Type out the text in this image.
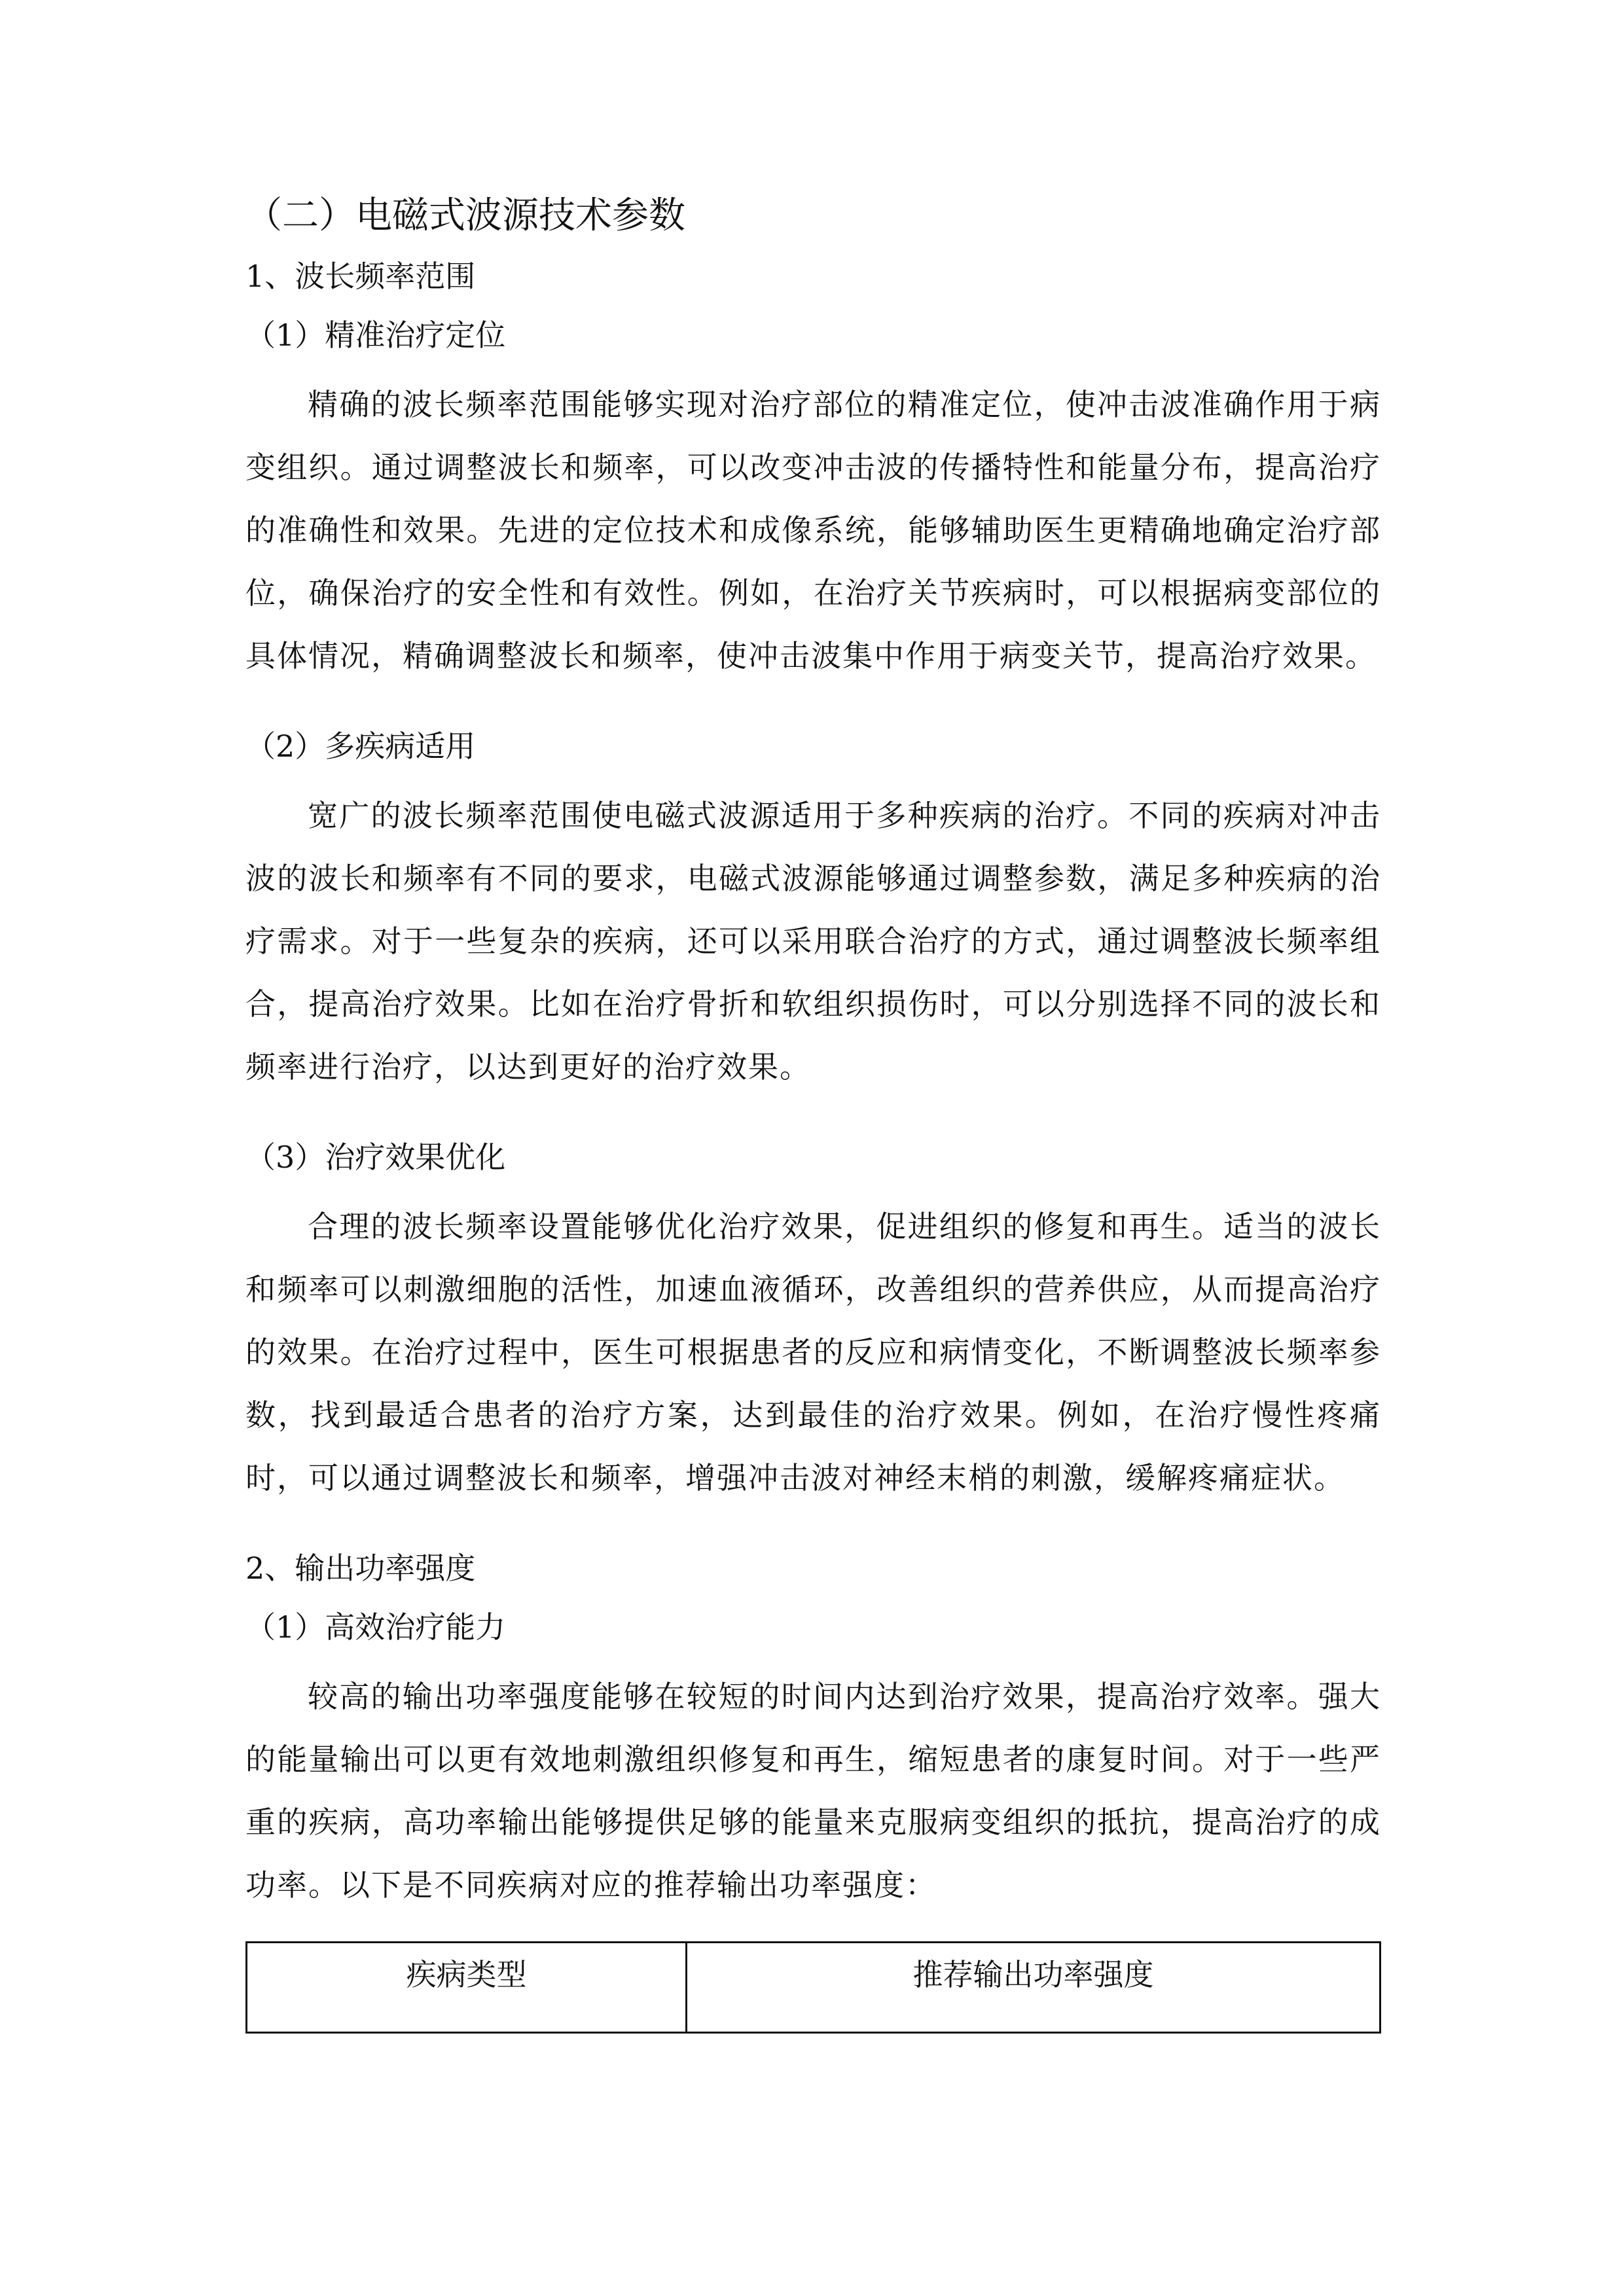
（二）电磁式波源技术参数
1、波长频率范围
（1）精准治疗定位

精确的波长频率范围能够实现对治疗部位的精准定位，使冲击波准确作用于病变组织。通过调整波长和频率，可以改变冲击波的传播特性和能量分布，提高治疗的准确性和效果。先进的定位技术和成像系统，能够辅助医生更精确地确定治疗部位，确保治疗的安全性和有效性。例如，在治疗关节疾病时，可以根据病变部位的具体情况，精确调整波长和频率，使冲击波集中作用于病变关节，提高治疗效果。

（2）多疾病适用

宽广的波长频率范围使电磁式波源适用于多种疾病的治疗。不同的疾病对冲击波的波长和频率有不同的要求，电磁式波源能够通过调整参数，满足多种疾病的治疗需求。对于一些复杂的疾病，还可以采用联合治疗的方式，通过调整波长频率组合，提高治疗效果。比如在治疗骨折和软组织损伤时，可以分别选择不同的波长和频率进行治疗，以达到更好的治疗效果。

（3）治疗效果优化

合理的波长频率设置能够优化治疗效果，促进组织的修复和再生。适当的波长和频率可以刺激细胞的活性，加速血液循环，改善组织的营养供应，从而提高治疗的效果。在治疗过程中，医生可根据患者的反应和病情变化，不断调整波长频率参数，找到最适合患者的治疗方案，达到最佳的治疗效果。例如，在治疗慢性疼痛时，可以通过调整波长和频率，增强冲击波对神经末梢的刺激，缓解疼痛症状。

2、输出功率强度
（1）高效治疗能力

较高的输出功率强度能够在较短的时间内达到治疗效果，提高治疗效率。强大的能量输出可以更有效地刺激组织修复和再生，缩短患者的康复时间。对于一些严重的疾病，高功率输出能够提供足够的能量来克服病变组织的抵抗，提高治疗的成功率。以下是不同疾病对应的推荐输出功率强度：

疾病类型	推荐输出功率强度
